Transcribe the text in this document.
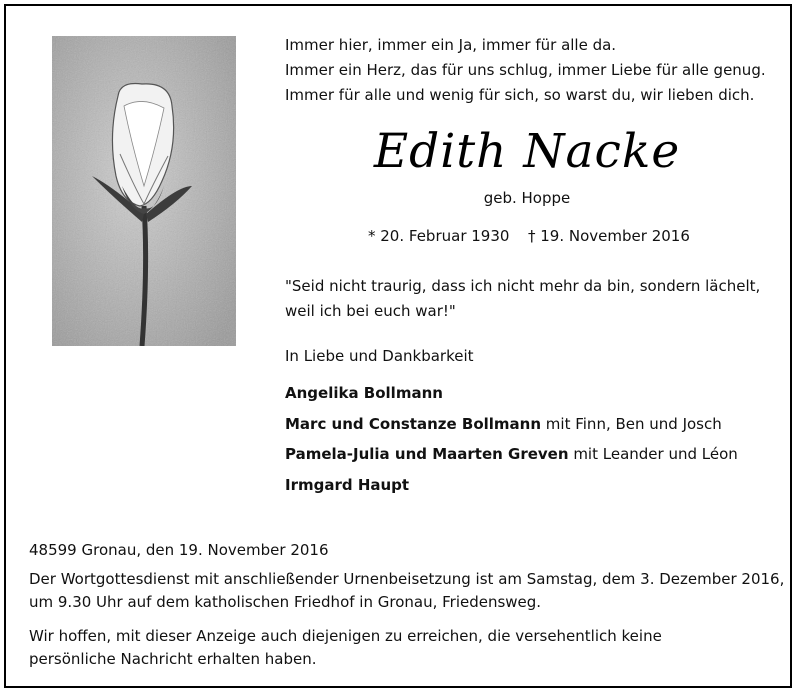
Immer hier, immer ein Ja, immer für alle da.
Immer ein Herz, das für uns schlug, immer Liebe für alle genug.
Immer für alle und wenig für sich, so warst du, wir lieben dich.
Edith Nacke
geb. Hoppe
* 20. Februar 1930 † 19. November 2016
"Seid nicht traurig, dass ich nicht mehr da bin, sondern lächelt,
weil ich bei euch war!"
In Liebe und Dankbarkeit
Angelika Bollmann
Marc und Constanze Bollmann mit Finn, Ben und Josch
Pamela-Julia und Maarten Greven mit Leander und Léon
Irmgard Haupt
48599 Gronau, den 19. November 2016
Der Wortgottesdienst mit anschließender Urnenbeisetzung ist am Samstag, dem 3. Dezember 2016,
um 9.30 Uhr auf dem katholischen Friedhof in Gronau, Friedensweg.
Wir hoffen, mit dieser Anzeige auch diejenigen zu erreichen, die versehentlich keine
persönliche Nachricht erhalten haben.
